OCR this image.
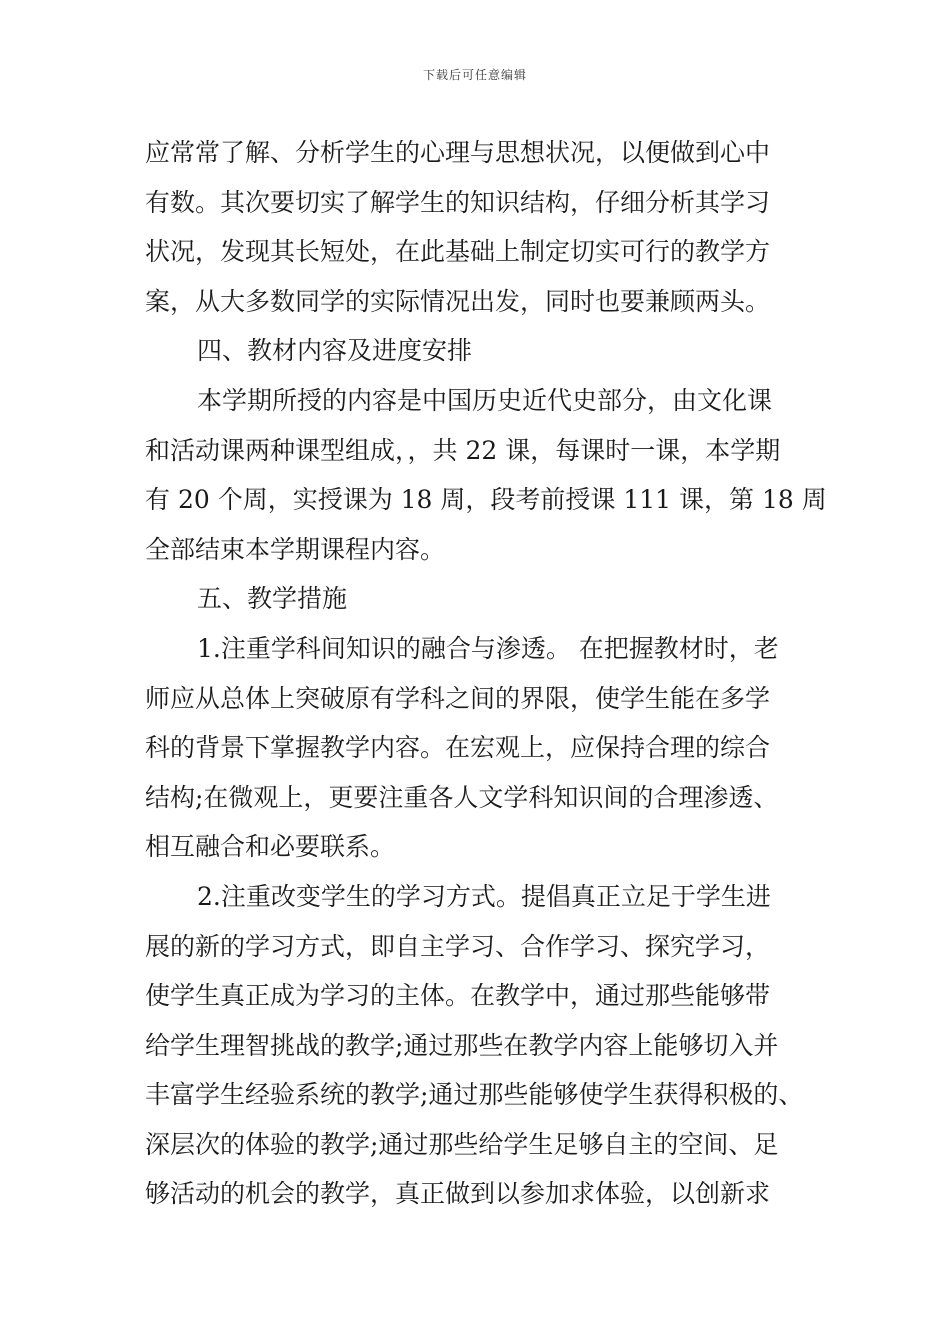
下载后可任意编辑
应常常了解、分析学生的心理与思想状况，以便做到心中
有数。其次要切实了解学生的知识结构，仔细分析其学习
状况，发现其长短处，在此基础上制定切实可行的教学方
案，从大多数同学的实际情况出发，同时也要兼顾两头。
四、教材内容及进度安排
本学期所授的内容是中国历史近代史部分，由文化课
和活动课两种课型组成，，共 22 课，每课时一课，本学期
有 20 个周，实授课为 18 周，段考前授课 111 课，第 18 周
全部结束本学期课程内容。
五、教学措施
1.注重学科间知识的融合与渗透。 在把握教材时，老
师应从总体上突破原有学科之间的界限，使学生能在多学
科的背景下掌握教学内容。在宏观上，应保持合理的综合
结构;在微观上，更要注重各人文学科知识间的合理渗透、
相互融合和必要联系。
2.注重改变学生的学习方式。提倡真正立足于学生进
展的新的学习方式，即自主学习、合作学习、探究学习，
使学生真正成为学习的主体。在教学中，通过那些能够带
给学生理智挑战的教学;通过那些在教学内容上能够切入并
丰富学生经验系统的教学;通过那些能够使学生获得积极的、
深层次的体验的教学;通过那些给学生足够自主的空间、足
够活动的机会的教学，真正做到以参加求体验，以创新求
